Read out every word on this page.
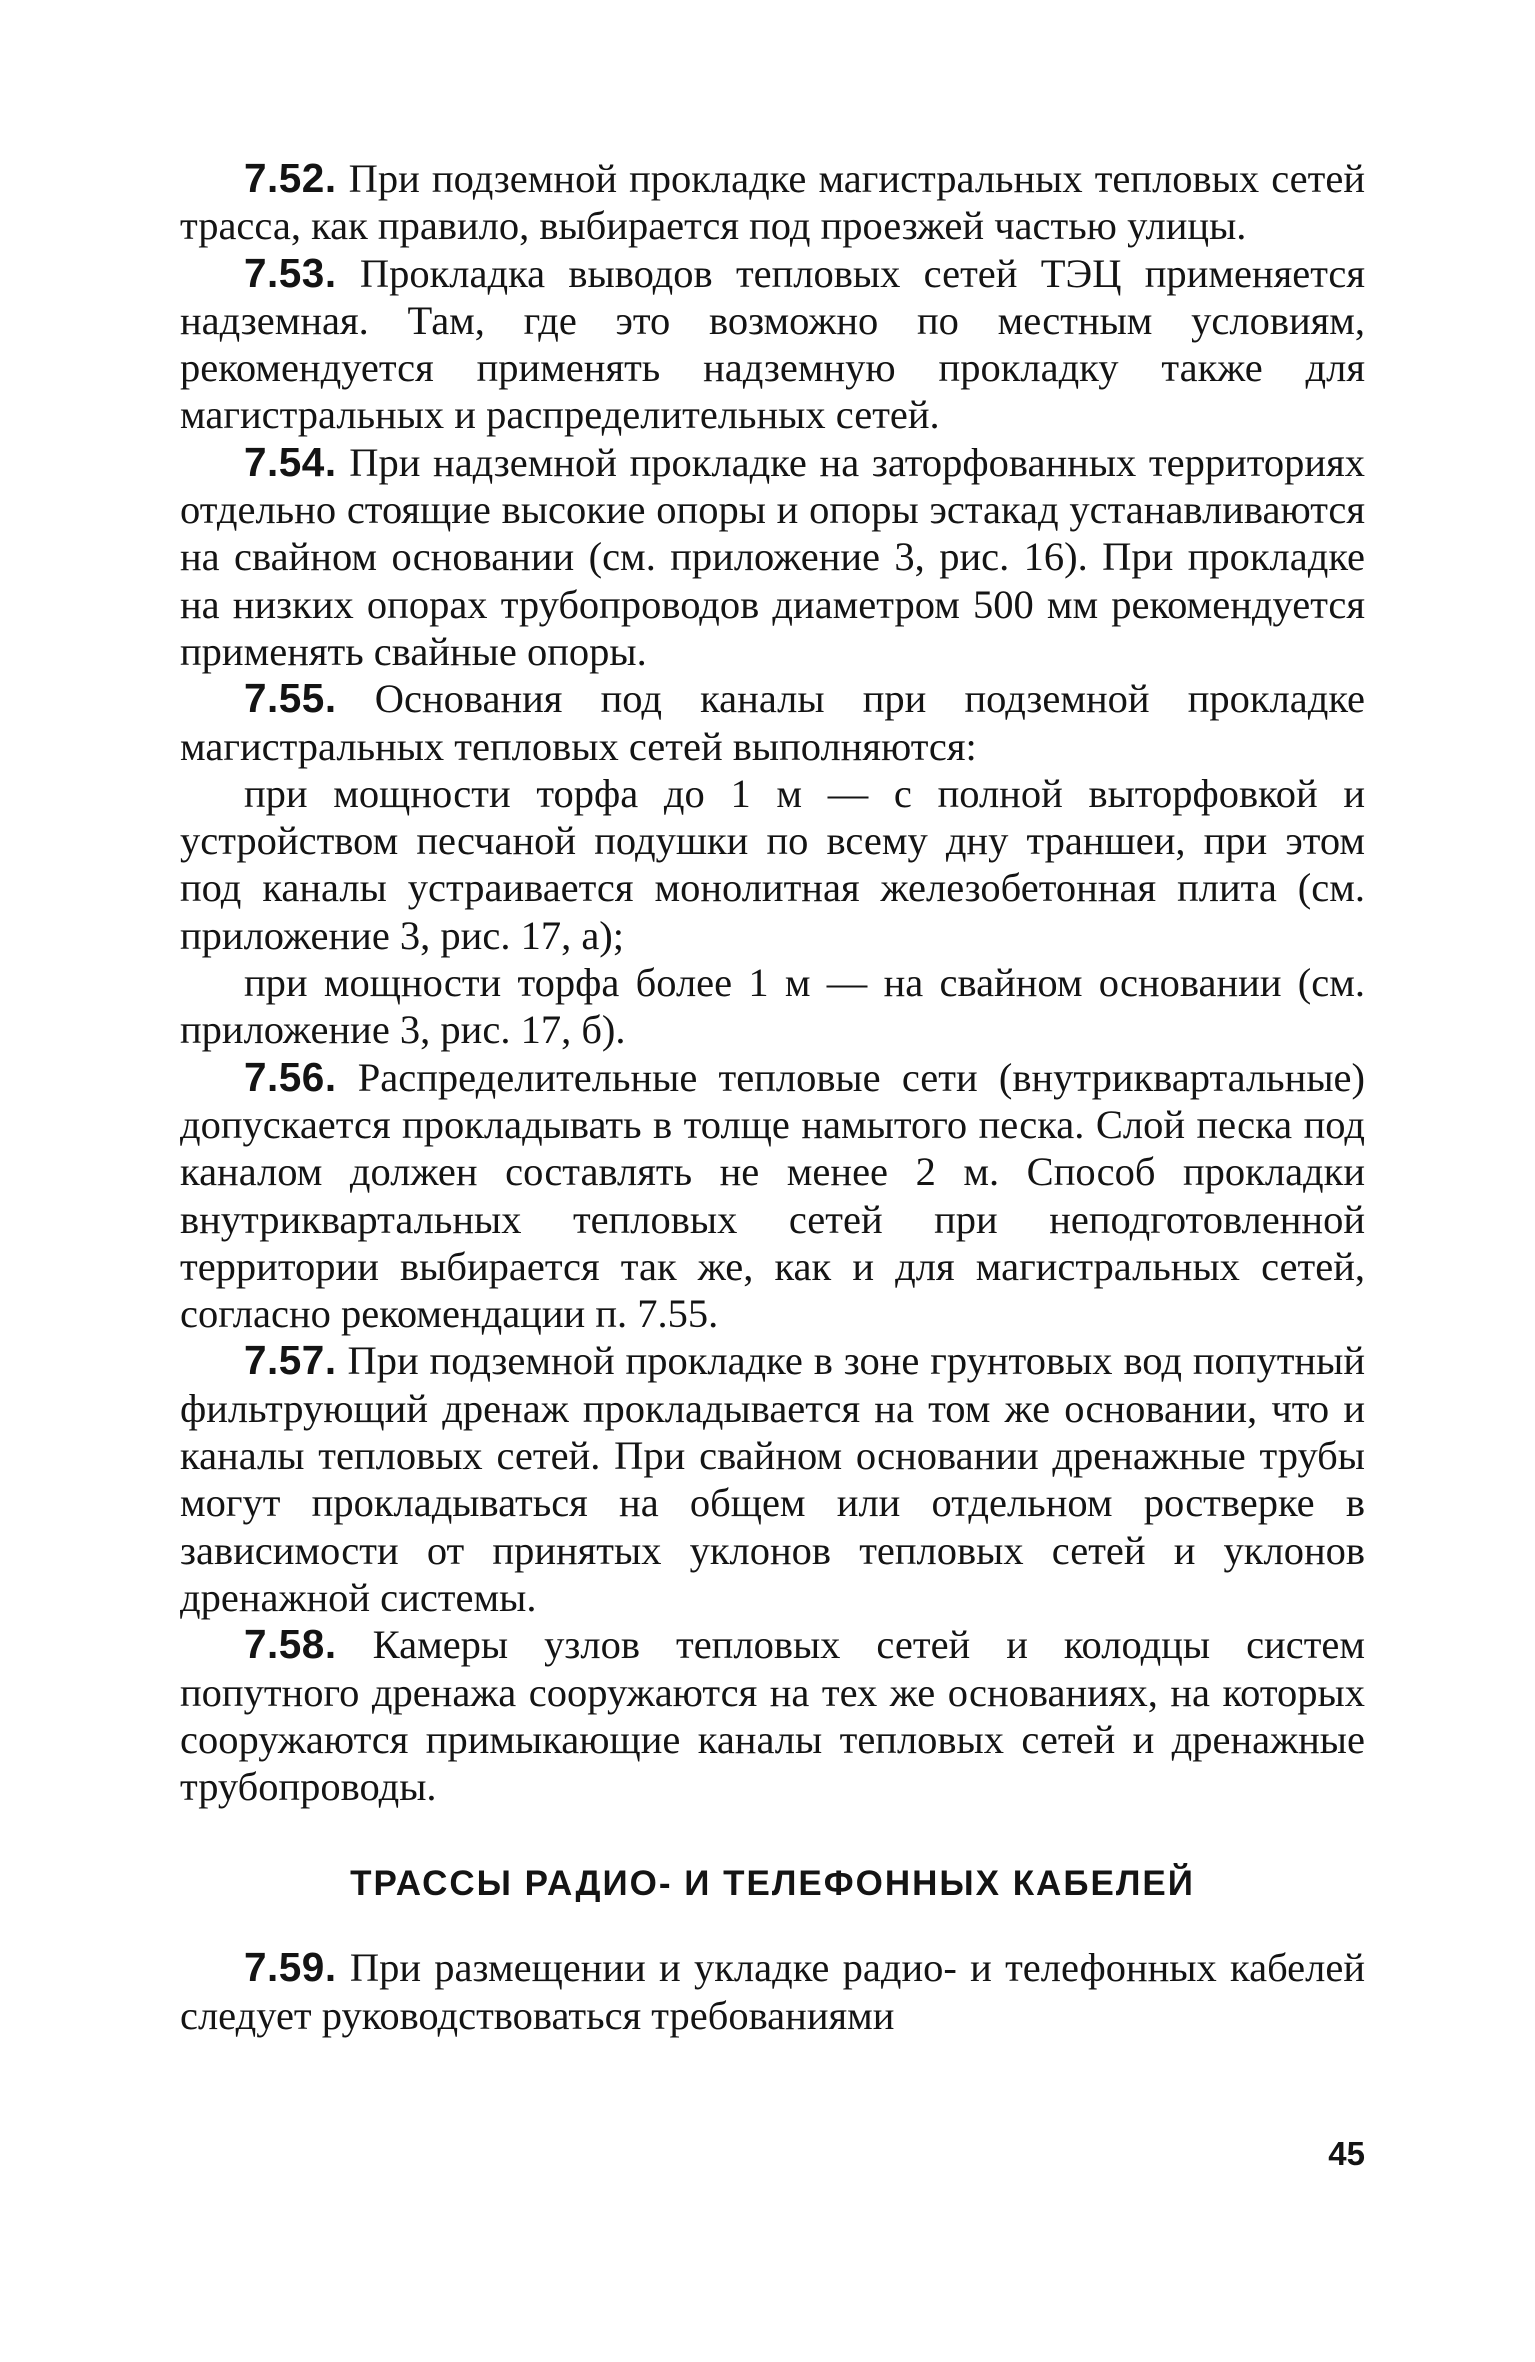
7.52. При подземной прокладке магистральных тепловых сетей трасса, как правило, выбирается под проезжей частью улицы.

7.53. Прокладка выводов тепловых сетей ТЭЦ применяется надземная. Там, где это возможно по местным условиям, рекомендуется применять надземную прокладку также для магистральных и распределительных сетей.

7.54. При надземной прокладке на заторфованных территориях отдельно стоящие высокие опоры и опоры эстакад устанавливаются на свайном основании (см. приложение 3, рис. 16). При прокладке на низких опорах трубопроводов диаметром 500 мм рекомендуется применять свайные опоры.

7.55. Основания под каналы при подземной прокладке магистральных тепловых сетей выполняются:

при мощности торфа до 1 м — с полной выторфовкой и устройством песчаной подушки по всему дну траншеи, при этом под каналы устраивается монолитная железобетонная плита (см. приложение 3, рис. 17, а);

при мощности торфа более 1 м — на свайном основании (см. приложение 3, рис. 17, б).

7.56. Распределительные тепловые сети (внутриквартальные) допускается прокладывать в толще намытого песка. Слой песка под каналом должен составлять не менее 2 м. Способ прокладки внутриквартальных тепловых сетей при неподготовленной территории выбирается так же, как и для магистральных сетей, согласно рекомендации п. 7.55.

7.57. При подземной прокладке в зоне грунтовых вод попутный фильтрующий дренаж прокладывается на том же основании, что и каналы тепловых сетей. При свайном основании дренажные трубы могут прокладываться на общем или отдельном ростверке в зависимости от принятых уклонов тепловых сетей и уклонов дренажной системы.

7.58. Камеры узлов тепловых сетей и колодцы систем попутного дренажа сооружаются на тех же основаниях, на которых сооружаются примыкающие каналы тепловых сетей и дренажные трубопроводы.

ТРАССЫ РАДИО- И ТЕЛЕФОННЫХ КАБЕЛЕЙ

7.59. При размещении и укладке радио- и телефонных кабелей следует руководствоваться требованиями

45
